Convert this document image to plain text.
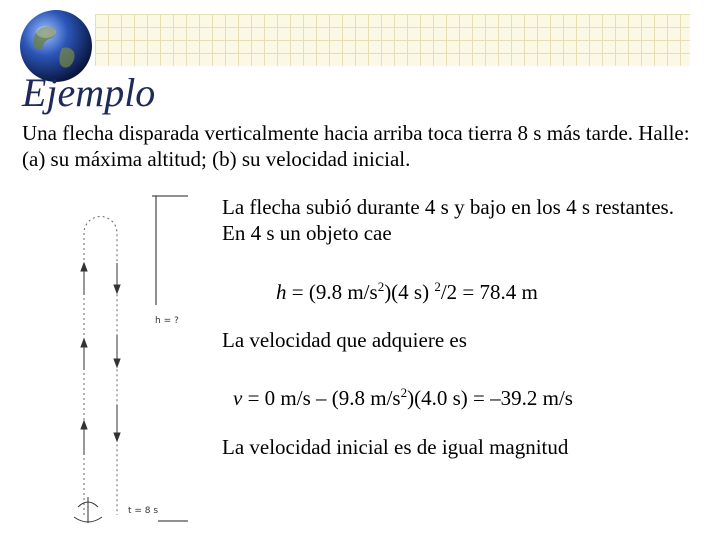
Ejemplo
Una flecha disparada verticalmente hacia arriba toca tierra 8 s más tarde. Halle: (a) su máxima altitud; (b) su velocidad inicial.
La flecha subió durante 4 s y bajo en los 4 s restantes. En 4 s un objeto cae
h = (9.8 $m/s^2)(4$ s) $^2$/2 = 78.4 m
La velocidad que adquiere es
v = 0 m/s – (9.8 $m/s^2)(4.0$ s) = –39.2 m/s
La velocidad inicial es de igual magnitud
h = ?
t = 8 s
